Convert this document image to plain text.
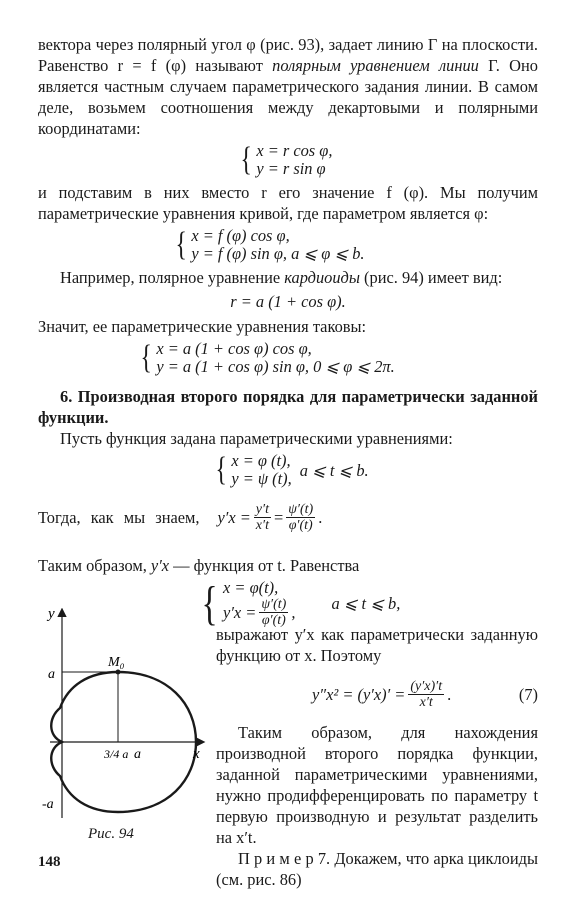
вектора через полярный угол φ (рис. 93), задает линию Г на плоскости. Равенство r = f (φ) называют полярным уравнением линии Г. Оно является частным случаем параметрического задания линии. В самом деле, возьмем соотношения между декартовыми и полярными координатами:

{ x = r cos φ,
y = r sin φ

и подставим в них вместо r его значение f (φ). Мы получим параметрические уравнения кривой, где параметром является φ:

{ x = f (φ) cos φ,
y = f (φ) sin φ, a ⩽ φ ⩽ b.

Например, полярное уравнение кардиоиды (рис. 94) имеет вид:

r = a (1 + cos φ).

Значит, ее параметрические уравнения таковы:

{ x = a (1 + cos φ) cos φ,
y = a (1 + cos φ) sin φ, 0 ⩽ φ ⩽ 2π.

6. Производная второго порядка для параметрически заданной функции.

Пусть функция задана параметрическими уравнениями:

{ x = φ (t),
y = ψ (t), a ⩽ t ⩽ b.
Тогда, как мы знаем, $y'x = \frac{y't}{x't} = \frac{\psi'(t)}{\varphi'(t)}$ .

Таким образом, y′x — функция от t. Равенства

{ x = φ(t),
$y'x = \frac{\psi'(t)}{\varphi'(t)}$ , a ⩽ t ⩽ b,
y
x
M₀
a
-a
3/4 a a
Рис. 94

выражают y′x как параметрически заданную функцию от x. Поэтому

$y''x^2 = (y'x)' = \frac{(y'x)'t}{x't}$ .	(7)

Таким образом, для нахождения производной второго порядка функции, заданной параметрическими уравнениями, нужно продифференцировать по параметру t первую производную и результат разделить на x′t.

П р и м е р 7. Докажем, что арка циклоиды (см. рис. 86)

148
